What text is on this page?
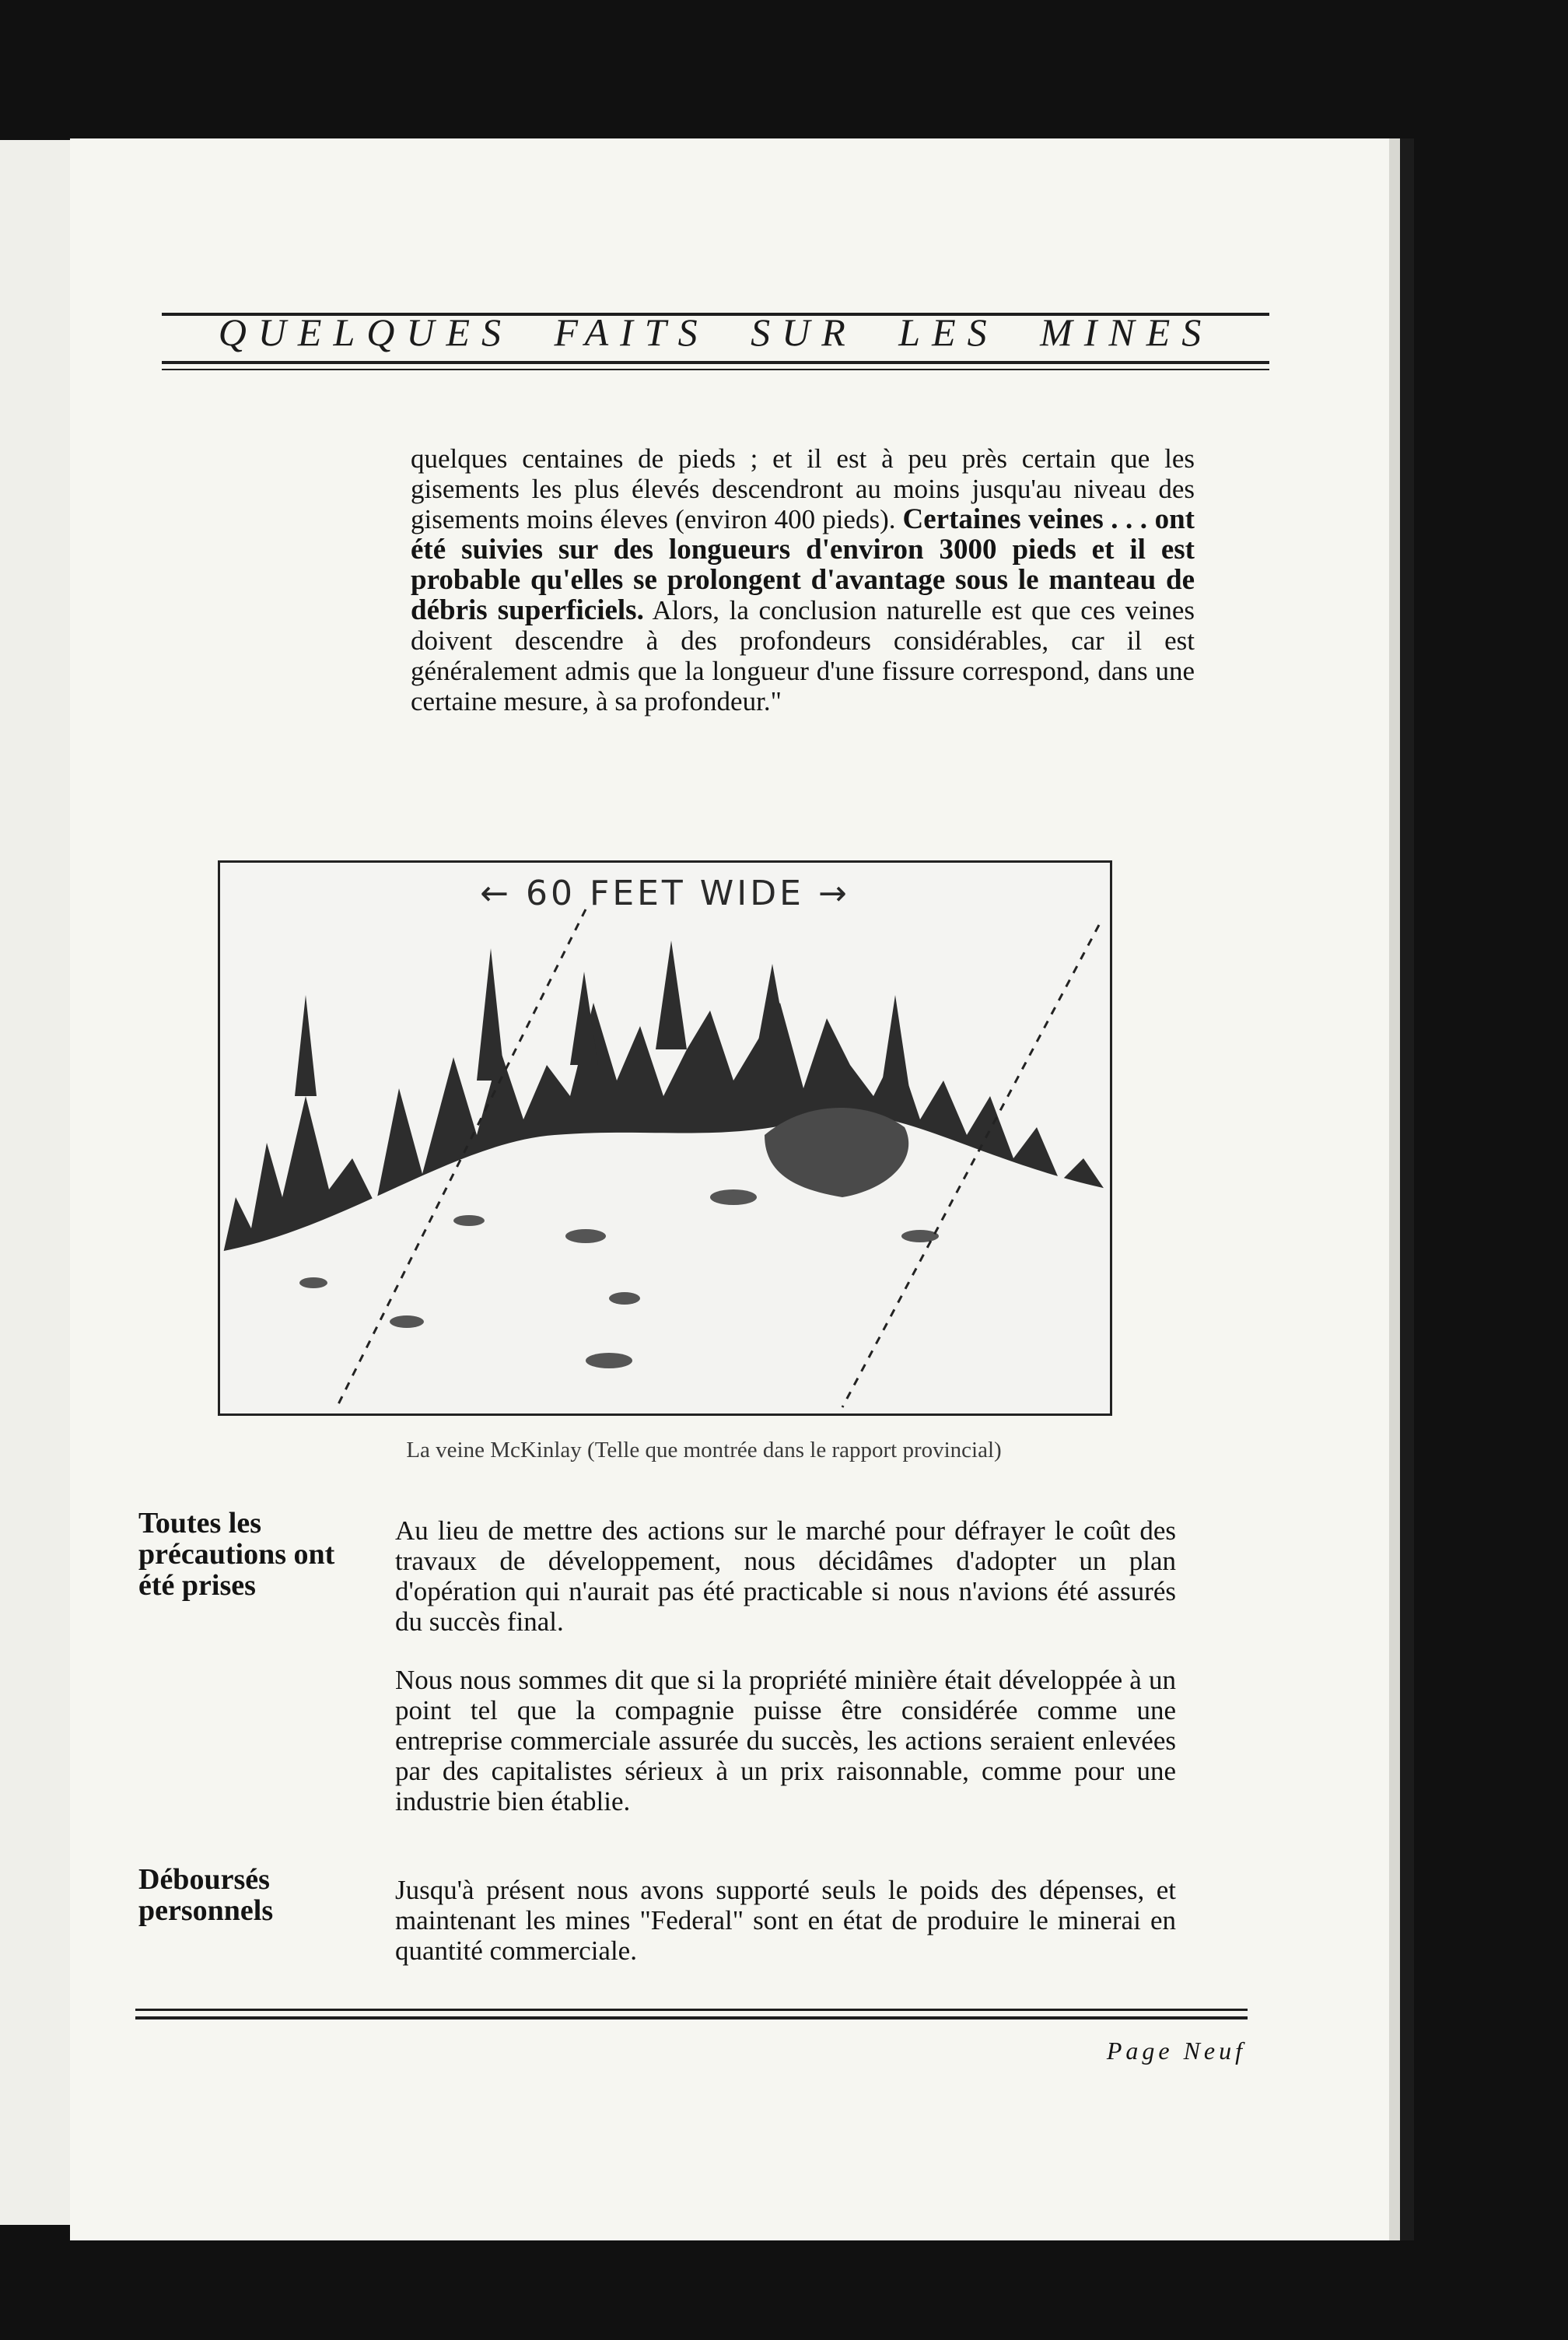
QUELQUES FAITS SUR LES MINES
quelques centaines de pieds ; et il est à peu près certain que les gisements les plus élevés descendront au moins jusqu'au niveau des gisements moins éleves (environ 400 pieds). Certaines veines . . . ont été suivies sur des longueurs d'environ 3000 pieds et il est probable qu'elles se prolongent d'avantage sous le manteau de débris superficiels. Alors, la conclusion naturelle est que ces veines doivent descendre à des profondeurs considérables, car il est généralement admis que la longueur d'une fissure correspond, dans une certaine mesure, à sa profondeur."
← 60 FEET WIDE →
La veine McKinlay (Telle que montrée dans le rapport provincial)
Toutes les précautions ont été prises
Au lieu de mettre des actions sur le marché pour défrayer le coût des travaux de développement, nous décidâmes d'adopter un plan d'opération qui n'aurait pas été practicable si nous n'avions été assurés du succès final.
Nous nous sommes dit que si la propriété minière était développée à un point tel que la compagnie puisse être considérée comme une entreprise commerciale assurée du succès, les actions seraient enlevées par des capitalistes sérieux à un prix raisonnable, comme pour une industrie bien établie.
Déboursés personnels
Jusqu'à présent nous avons supporté seuls le poids des dépenses, et maintenant les mines "Federal" sont en état de produire le minerai en quantité commerciale.
Page Neuf
